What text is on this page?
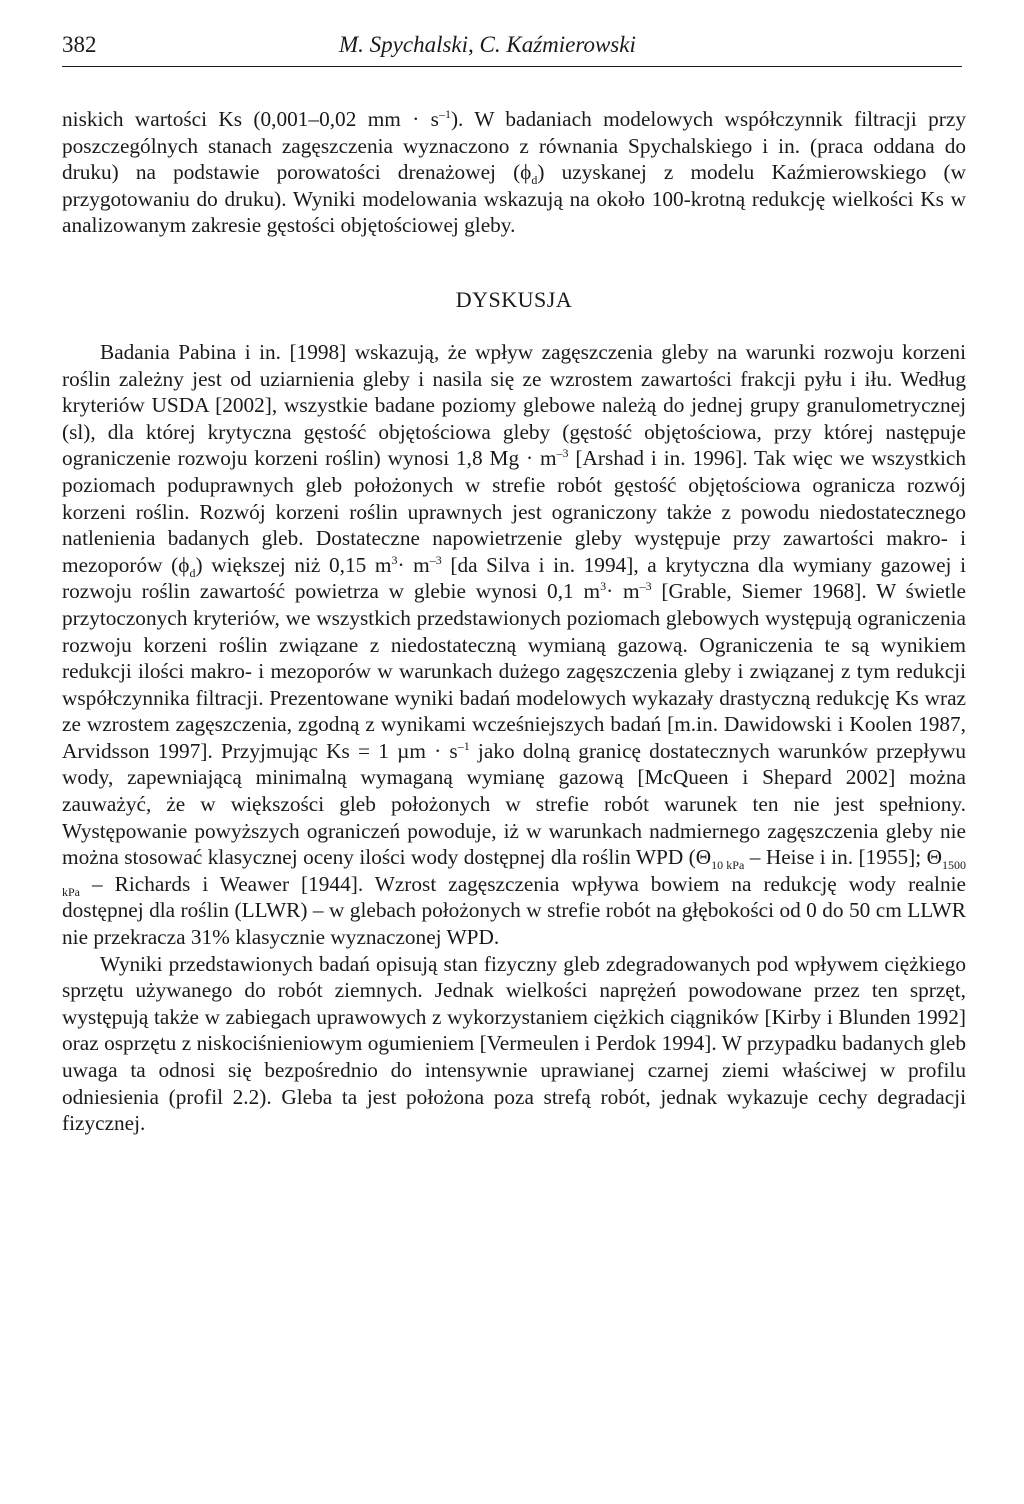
382	M. Spychalski, C. Kaźmierowski

niskich wartości Ks (0,001–0,02 mm · $s^{-1}$). W badaniach modelowych współczynnik filtracji przy poszczególnych stanach zagęszczenia wyznaczono z równania Spychalskiego i in. (praca oddana do druku) na podstawie porowatości drenażowej $(\phi_d)$ uzyskanej z modelu Kaźmierowskiego (w przygotowaniu do druku). Wyniki modelowania wskazują na około 100-krotną redukcję wielkości Ks w analizowanym zakresie gęstości objętościowej gleby.

DYSKUSJA

Badania Pabina i in. [1998] wskazują, że wpływ zagęszczenia gleby na warunki rozwoju korzeni roślin zależny jest od uziarnienia gleby i nasila się ze wzrostem zawartości frakcji pyłu i iłu. Według kryteriów USDA [2002], wszystkie badane poziomy glebowe należą do jednej grupy granulometrycznej (sl), dla której krytyczna gęstość objętościowa gleby (gęstość objętościowa, przy której następuje ograniczenie rozwoju korzeni roślin) wynosi 1,8 $Mg \cdot m^{-3}$ [Arshad i in. 1996]. Tak więc we wszystkich poziomach poduprawnych gleb położonych w strefie robót gęstość objętościowa ogranicza rozwój korzeni roślin. Rozwój korzeni roślin uprawnych jest ograniczony także z powodu niedostatecznego natlenienia badanych gleb. Dostateczne napowietrzenie gleby występuje przy zawartości makro- i mezoporów $(\phi_d)$ większej niż 0,15 $m^3\cdot m^{-3}$ [da Silva i in. 1994], a krytyczna dla wymiany gazowej i rozwoju roślin zawartość powietrza w glebie wynosi 0,1 $m^3\cdot m^{-3}$ [Grable, Siemer 1968]. W świetle przytoczonych kryteriów, we wszystkich przedstawionych poziomach glebowych występują ograniczenia rozwoju korzeni roślin związane z niedostateczną wymianą gazową. Ograniczenia te są wynikiem redukcji ilości makro- i mezoporów w warunkach dużego zagęszczenia gleby i związanej z tym redukcji współczynnika filtracji. Prezentowane wyniki badań modelowych wykazały drastyczną redukcję Ks wraz ze wzrostem zagęszczenia, zgodną z wynikami wcześniejszych badań [m.in. Dawidowski i Koolen 1987, Arvidsson 1997]. Przyjmując Ks = 1 $\mu m \cdot s^{-1}$ jako dolną granicę dostatecznych warunków przepływu wody, zapewniającą minimalną wymaganą wymianę gazową [McQueen i Shepard 2002] można zauważyć, że w większości gleb położonych w strefie robót warunek ten nie jest spełniony. Występowanie powyższych ograniczeń powoduje, iż w warunkach nadmiernego zagęszczenia gleby nie można stosować klasycznej oceny ilości wody dostępnej dla roślin WPD ($\Theta_{10 kPa}$ – Heise i in. [1955]; $\Theta_{1500 kPa}$ – Richards i Weawer [1944]. Wzrost zagęszczenia wpływa bowiem na redukcję wody realnie dostępnej dla roślin (LLWR) – w glebach położonych w strefie robót na głębokości od 0 do 50 cm LLWR nie przekracza 31% klasycznie wyznaczonej WPD.

Wyniki przedstawionych badań opisują stan fizyczny gleb zdegradowanych pod wpływem ciężkiego sprzętu używanego do robót ziemnych. Jednak wielkości naprężeń powodowane przez ten sprzęt, występują także w zabiegach uprawowych z wykorzystaniem ciężkich ciągników [Kirby i Blunden 1992] oraz osprzętu z niskociśnieniowym ogumieniem [Vermeulen i Perdok 1994]. W przypadku badanych gleb uwaga ta odnosi się bezpośrednio do intensywnie uprawianej czarnej ziemi właściwej w profilu odniesienia (profil 2.2). Gleba ta jest położona poza strefą robót, jednak wykazuje cechy degradacji fizycznej.
